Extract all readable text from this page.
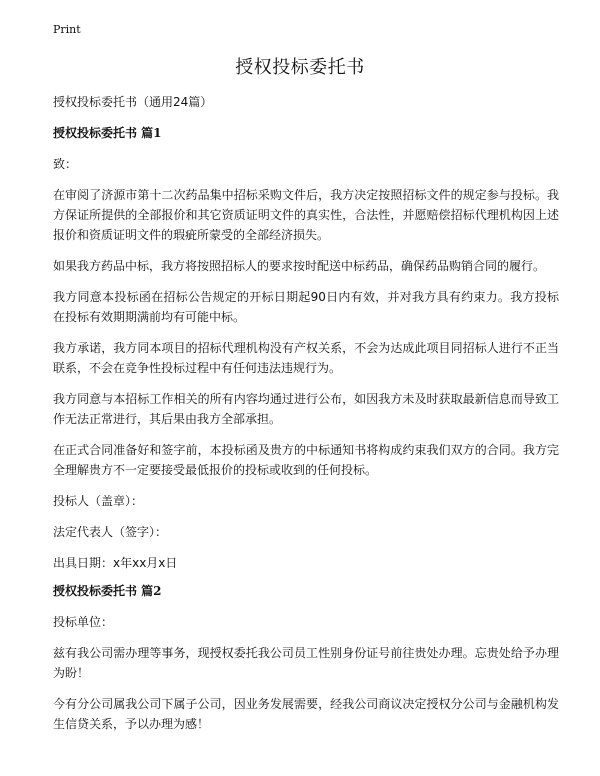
Print
授权投标委托书

授权投标委托书（通用24篇）

授权投标委托书 篇1

致：

在审阅了济源市第十二次药品集中招标采购文件后，我方决定按照招标文件的规定参与投标。我方保证所提供的全部报价和其它资质证明文件的真实性，合法性，并愿赔偿招标代理机构因上述报价和资质证明文件的瑕疵所蒙受的全部经济损失。

如果我方药品中标，我方将按照招标人的要求按时配送中标药品，确保药品购销合同的履行。

我方同意本投标函在招标公告规定的开标日期起90日内有效，并对我方具有约束力。我方投标在投标有效期期满前均有可能中标。

我方承诺，我方同本项目的招标代理机构没有产权关系，不会为达成此项目同招标人进行不正当联系，不会在竞争性投标过程中有任何违法违规行为。

我方同意与本招标工作相关的所有内容均通过进行公布，如因我方未及时获取最新信息而导致工作无法正常进行，其后果由我方全部承担。

在正式合同准备好和签字前，本投标函及贵方的中标通知书将构成约束我们双方的合同。我方完全理解贵方不一定要接受最低报价的投标或收到的任何投标。

投标人（盖章）：

法定代表人（签字）：

出具日期：x年xx月x日

授权投标委托书 篇2

投标单位：

兹有我公司需办理等事务，现授权委托我公司员工性别身份证号前往贵处办理。忘贵处给予办理为盼！

今有分公司属我公司下属子公司，因业务发展需要，经我公司商议决定授权分公司与金融机构发生信贷关系，予以办理为感！
